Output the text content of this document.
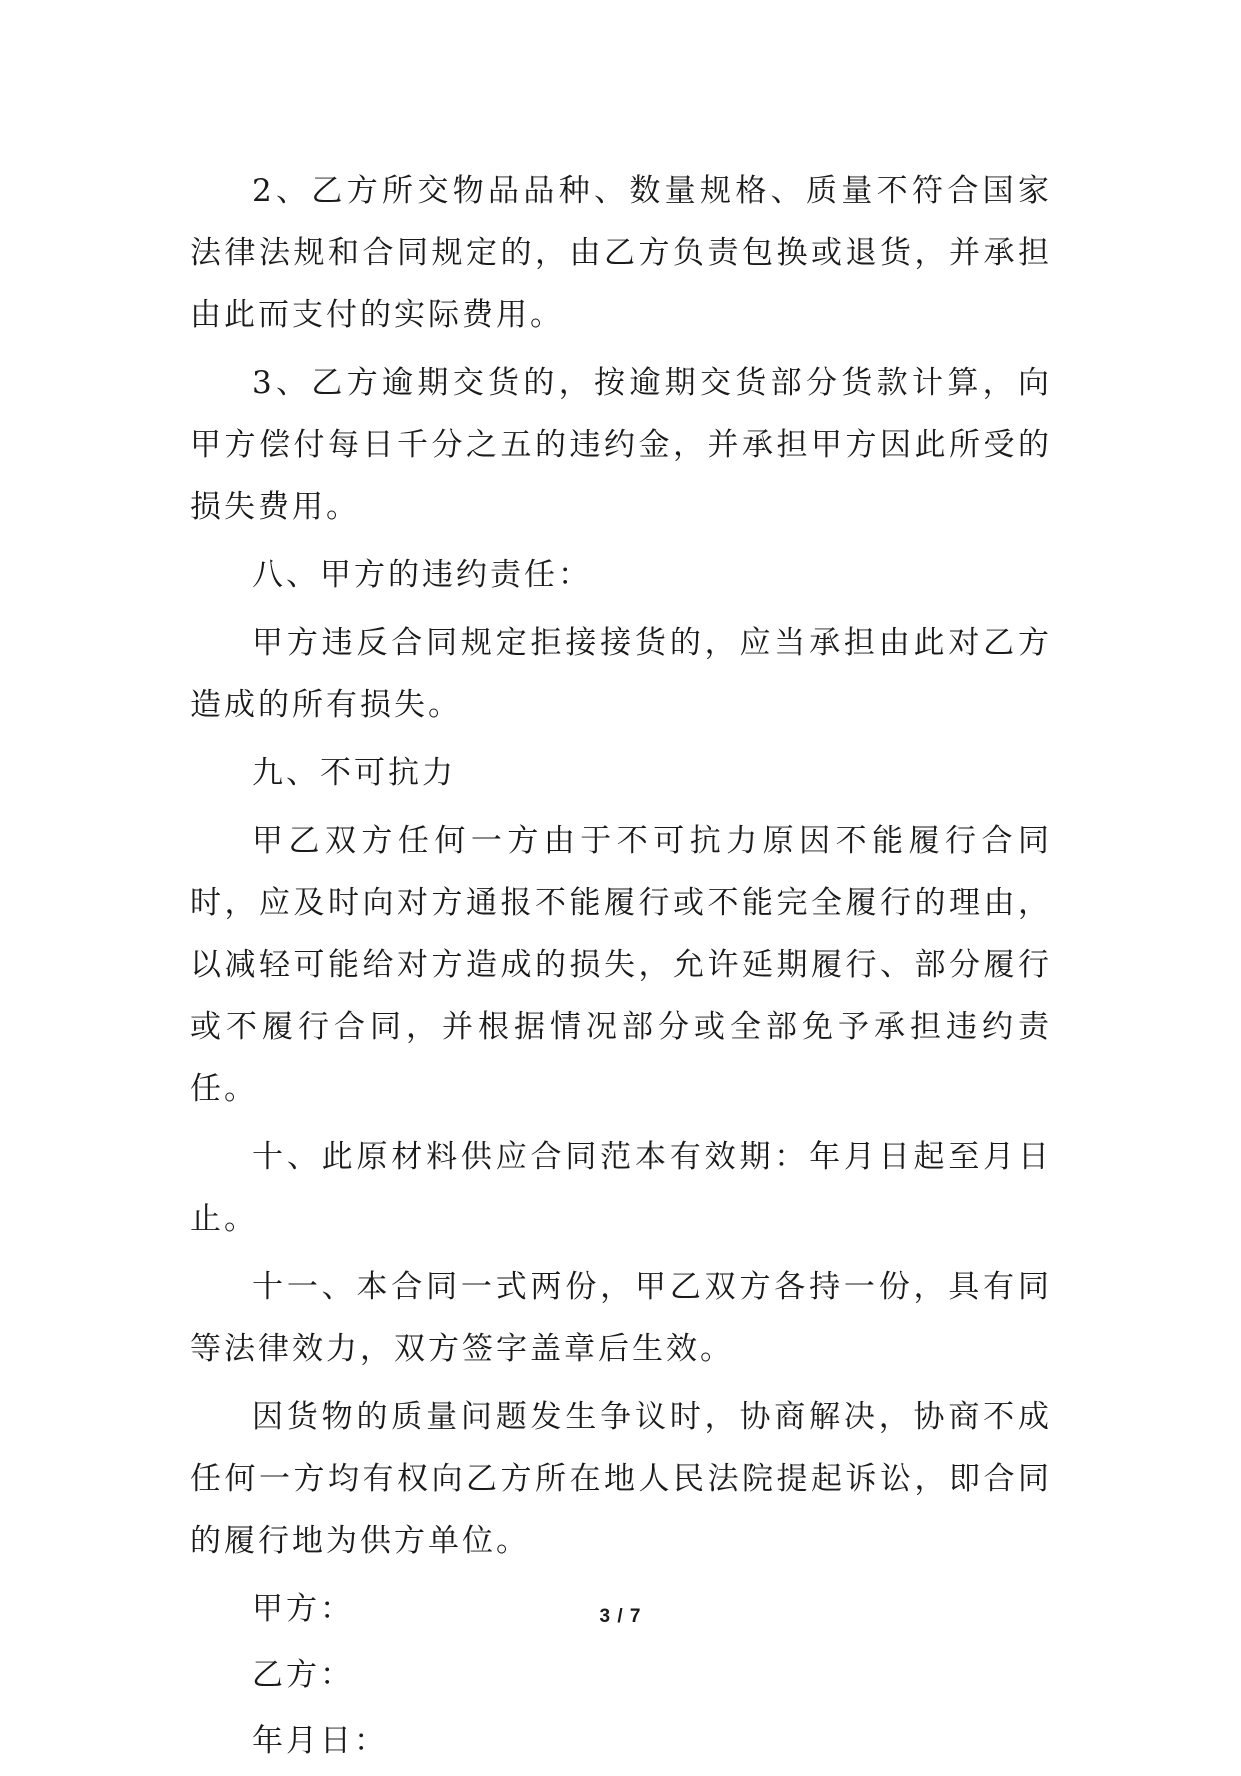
2、乙方所交物品品种、数量规格、质量不符合国家法律法规和合同规定的，由乙方负责包换或退货，并承担由此而支付的实际费用。

3、乙方逾期交货的，按逾期交货部分货款计算，向甲方偿付每日千分之五的违约金，并承担甲方因此所受的损失费用。

八、甲方的违约责任：

甲方违反合同规定拒接接货的，应当承担由此对乙方造成的所有损失。

九、不可抗力

甲乙双方任何一方由于不可抗力原因不能履行合同时，应及时向对方通报不能履行或不能完全履行的理由，以减轻可能给对方造成的损失，允许延期履行、部分履行或不履行合同，并根据情况部分或全部免予承担违约责任。

十、此原材料供应合同范本有效期：年月日起至月日止。

十一、本合同一式两份，甲乙双方各持一份，具有同等法律效力，双方签字盖章后生效。

因货物的质量问题发生争议时，协商解决，协商不成任何一方均有权向乙方所在地人民法院提起诉讼，即合同的履行地为供方单位。

甲方：

乙方：

年月日：

3 / 7
